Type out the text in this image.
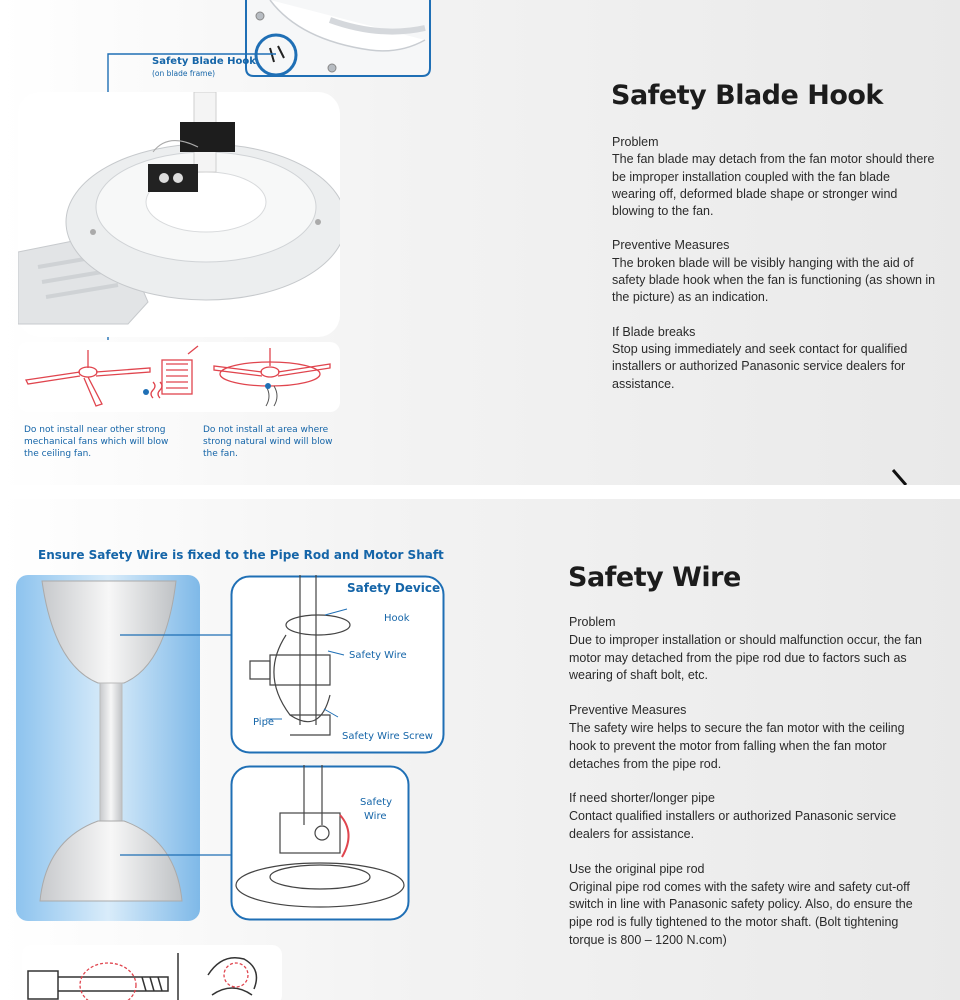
Safety Blade Hook
(on blade frame)
Do not install near other strong mechanical fans which will blow the ceiling fan.
Do not install at area where strong natural wind will blow the fan.
Safety Blade Hook

Problem
The fan blade may detach from the fan motor should there be improper installation coupled with the fan blade wearing off, deformed blade shape or stronger wind blowing to the fan.

Preventive Measures
The broken blade will be visibly hanging with the aid of safety blade hook when the fan is functioning (as shown in the picture) as an indication.

If Blade breaks
Stop using immediately and seek contact for qualified installers or authorized Panasonic service dealers for assistance.

Ensure Safety Wire is fixed to the Pipe Rod and Motor Shaft
Safety Device
Hook
Safety Wire
Pipe
Safety Wire Screw
Safety
Wire
Safety Wire

Problem
Due to improper installation or should malfunction occur, the fan motor may detached from the pipe rod due to factors such as wearing of shaft bolt, etc.

Preventive Measures
The safety wire helps to secure the fan motor with the ceiling hook to prevent the motor from falling when the fan motor detaches from the pipe rod.

If need shorter/longer pipe
Contact qualified installers or authorized Panasonic service dealers for assistance.

Use the original pipe rod
Original pipe rod comes with the safety wire and safety cut-off switch in line with Panasonic safety policy. Also, do ensure the pipe rod is fully tightened to the motor shaft. (Bolt tightening torque is 800 – 1200 N.com)
